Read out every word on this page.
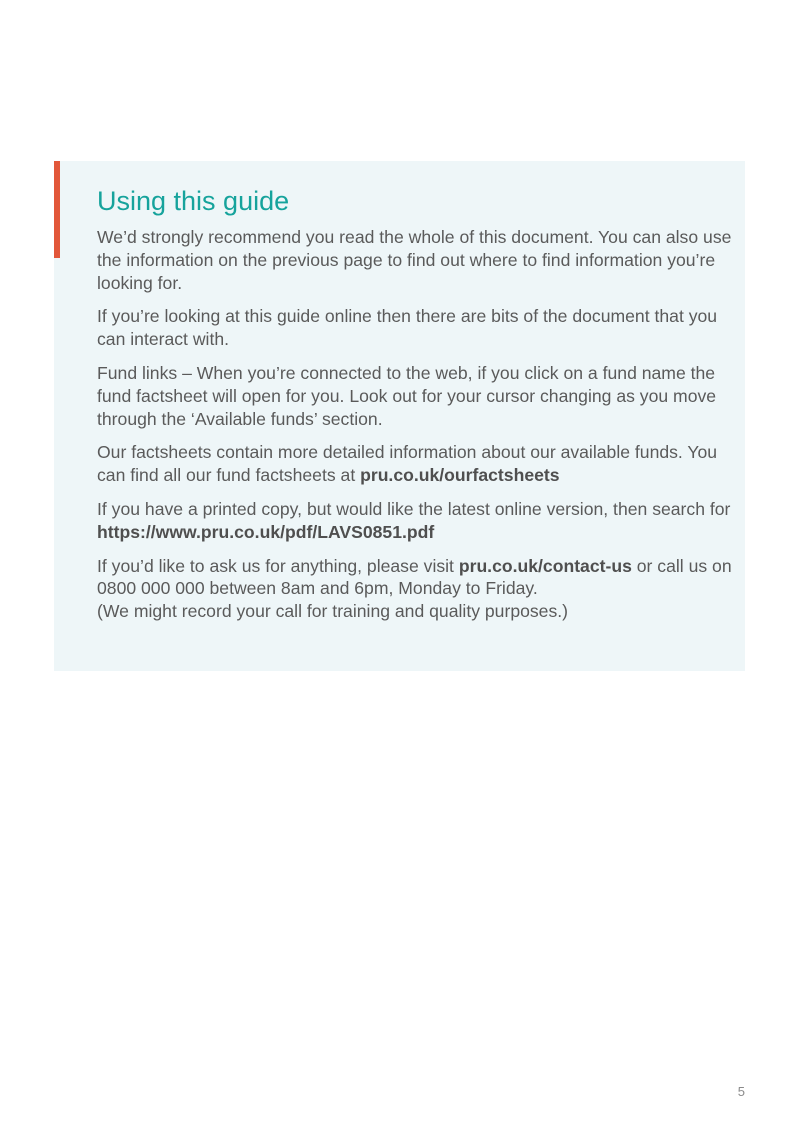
Using this guide

We’d strongly recommend you read the whole of this document. You can also use the information on the previous page to find out where to find information you’re looking for.

If you’re looking at this guide online then there are bits of the document that you can interact with.

Fund links – When you’re connected to the web, if you click on a fund name the fund factsheet will open for you. Look out for your cursor changing as you move through the ‘Available funds’ section.

Our factsheets contain more detailed information about our available funds. You can find all our fund factsheets at pru.co.uk/ourfactsheets

If you have a printed copy, but would like the latest online version, then search for https://www.pru.co.uk/pdf/LAVS0851.pdf

If you’d like to ask us for anything, please visit pru.co.uk/contact-us or call us on 0800 000 000 between 8am and 6pm, Monday to Friday.
(We might record your call for training and quality purposes.)

5
